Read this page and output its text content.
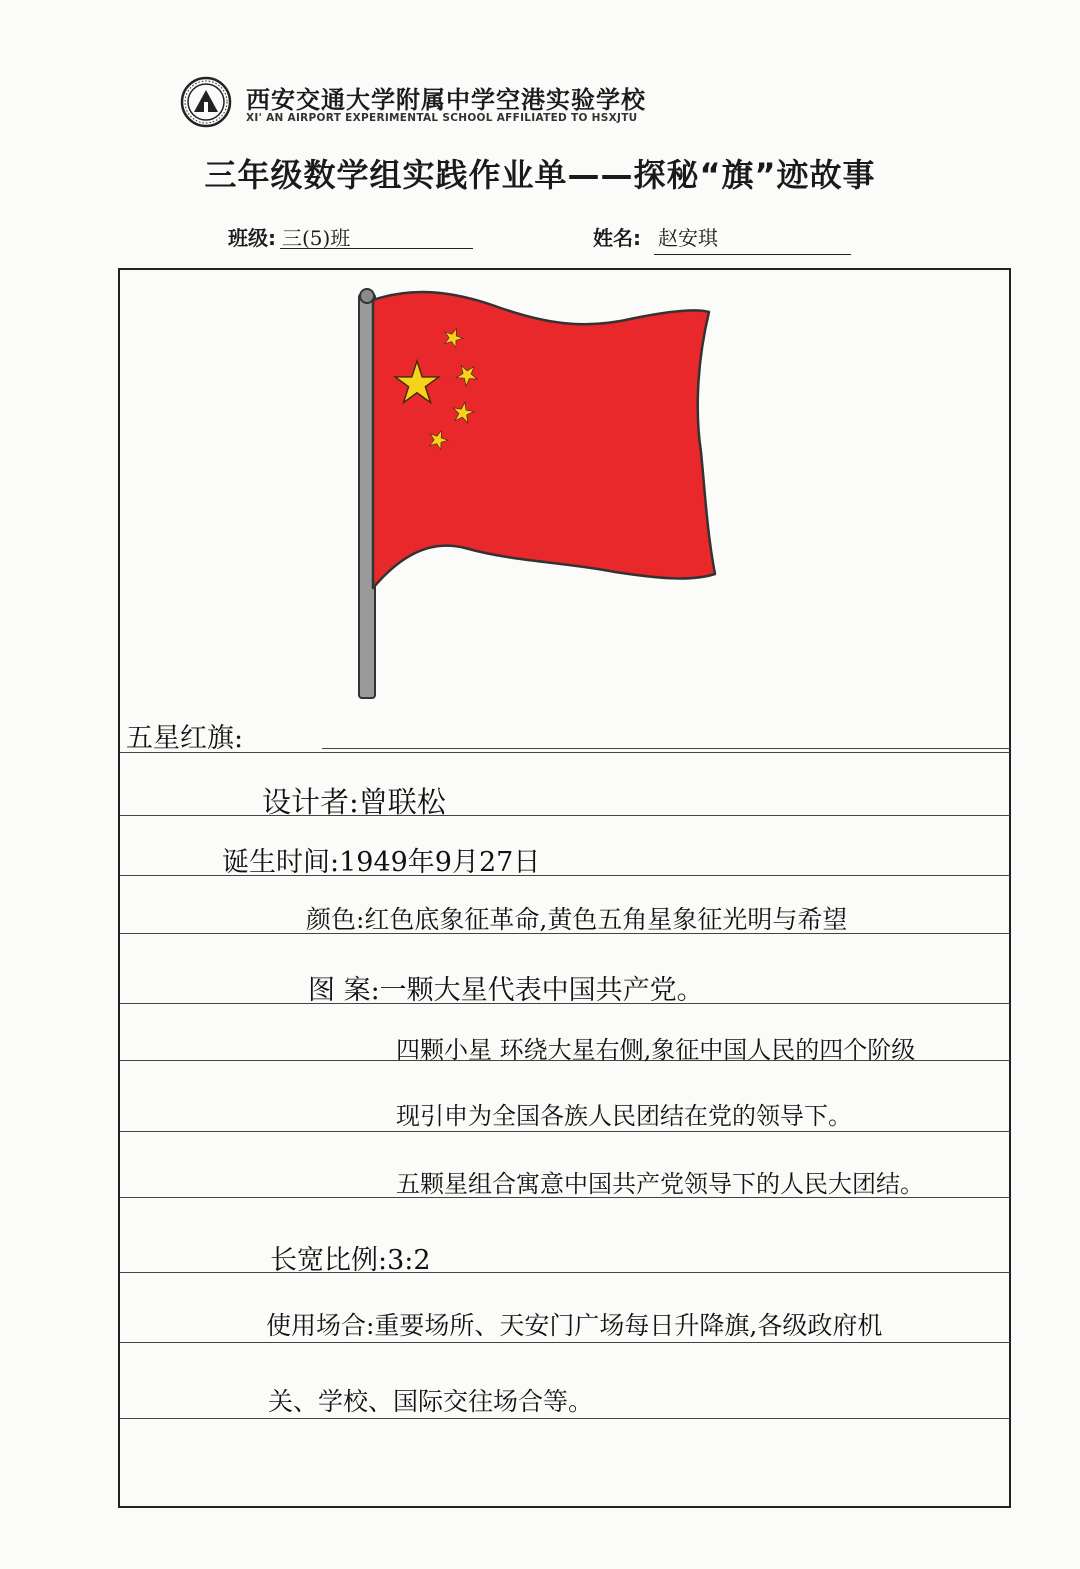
西安交通大学附属中学空港实验学校
XI' AN AIRPORT EXPERIMENTAL SCHOOL AFFILIATED TO HSXJTU
三年级数学组实践作业单——探秘“旗”迹故事
班级: 三(5)班	姓名: 赵安琪
五星红旗:
设计者:曾联松
诞生时间:1949年9月27日
颜色:红色底象征革命,黄色五角星象征光明与希望
图 案:一颗大星代表中国共产党。
四颗小星 环绕大星右侧,象征中国人民的四个阶级
现引申为全国各族人民团结在党的领导下。
五颗星组合寓意中国共产党领导下的人民大团结。
长宽比例:3:2
使用场合:重要场所、天安门广场每日升降旗,各级政府机
关、学校、国际交往场合等。
